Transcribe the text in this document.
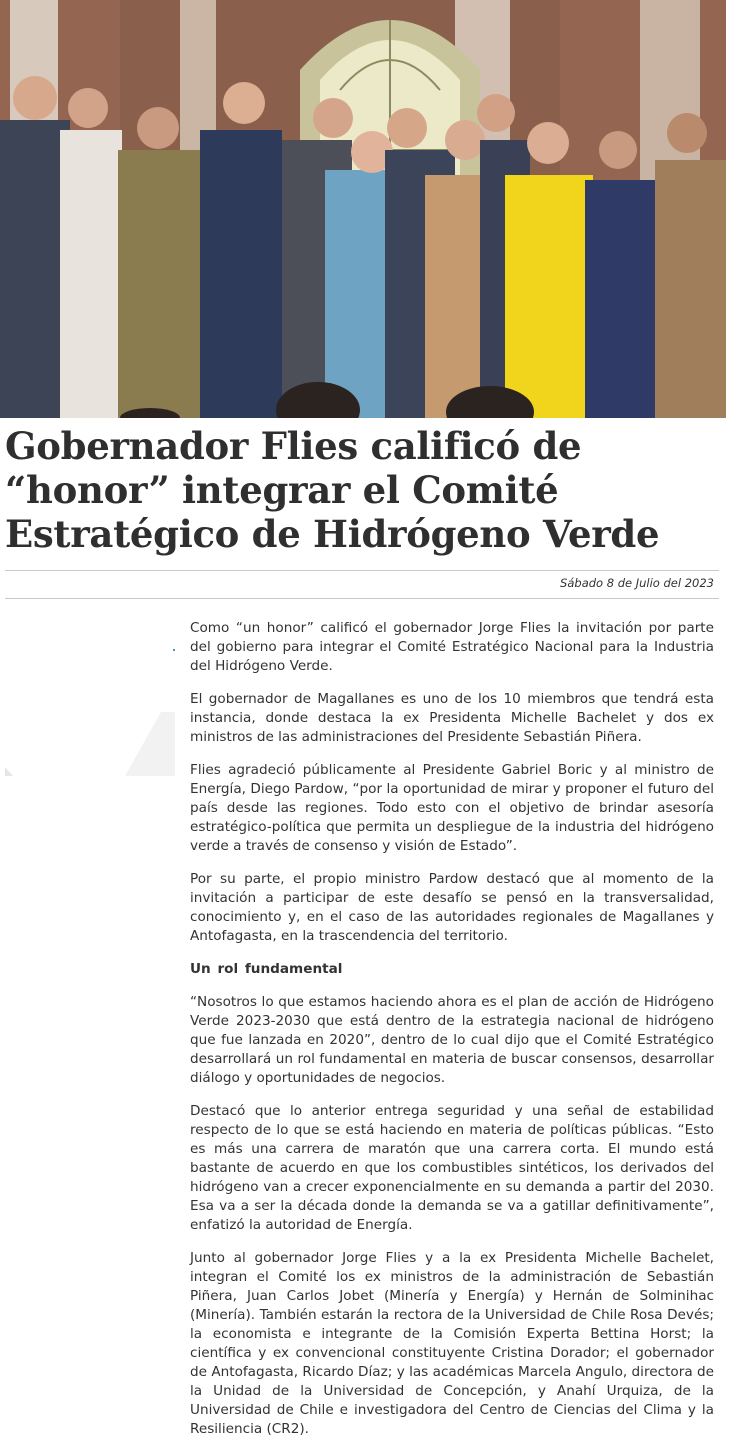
Gobernador Flies calificó de “honor” integrar el Comité Estratégico de Hidrógeno Verde
Sábado 8 de Julio del 2023

Como “un honor” calificó el gobernador Jorge Flies la invitación por parte del gobierno para integrar el Comité Estratégico Nacional para la Industria del Hidrógeno Verde.

El gobernador de Magallanes es uno de los 10 miembros que tendrá esta instancia, donde destaca la ex Presidenta Michelle Bachelet y dos ex ministros de las administraciones del Presidente Sebastián Piñera.

Flies agradeció públicamente al Presidente Gabriel Boric y al ministro de Energía, Diego Pardow, “por la oportunidad de mirar y proponer el futuro del país desde las regiones. Todo esto con el objetivo de brindar asesoría estratégico-política que permita un despliegue de la industria del hidrógeno verde a través de consenso y visión de Estado”.

Por su parte, el propio ministro Pardow destacó que al momento de la invitación a participar de este desafío se pensó en la transversalidad, conocimiento y, en el caso de las autoridades regionales de Magallanes y Antofagasta, en la trascendencia del territorio.

Un rol fundamental

“Nosotros lo que estamos haciendo ahora es el plan de acción de Hidrógeno Verde 2023-2030 que está dentro de la estrategia nacional de hidrógeno que fue lanzada en 2020”, dentro de lo cual dijo que el Comité Estratégico desarrollará un rol fundamental en materia de buscar consensos, desarrollar diálogo y oportunidades de negocios.

Destacó que lo anterior entrega seguridad y una señal de estabilidad respecto de lo que se está haciendo en materia de políticas públicas. “Esto es más una carrera de maratón que una carrera corta. El mundo está bastante de acuerdo en que los combustibles sintéticos, los derivados del hidrógeno van a crecer exponencialmente en su demanda a partir del 2030. Esa va a ser la década donde la demanda se va a gatillar definitivamente”, enfatizó la autoridad de Energía.

Junto al gobernador Jorge Flies y a la ex Presidenta Michelle Bachelet, integran el Comité los ex ministros de la administración de Sebastián Piñera, Juan Carlos Jobet (Minería y Energía) y Hernán de Solminihac (Minería). También estarán la rectora de la Universidad de Chile Rosa Devés; la economista e integrante de la Comisión Experta Bettina Horst; la científica y ex convencional constituyente Cristina Dorador; el gobernador de Antofagasta, Ricardo Díaz; y las académicas Marcela Angulo, directora de la Unidad de la Universidad de Concepción, y Anahí Urquiza, de la Universidad de Chile e investigadora del Centro de Ciencias del Clima y la Resiliencia (CR2).
